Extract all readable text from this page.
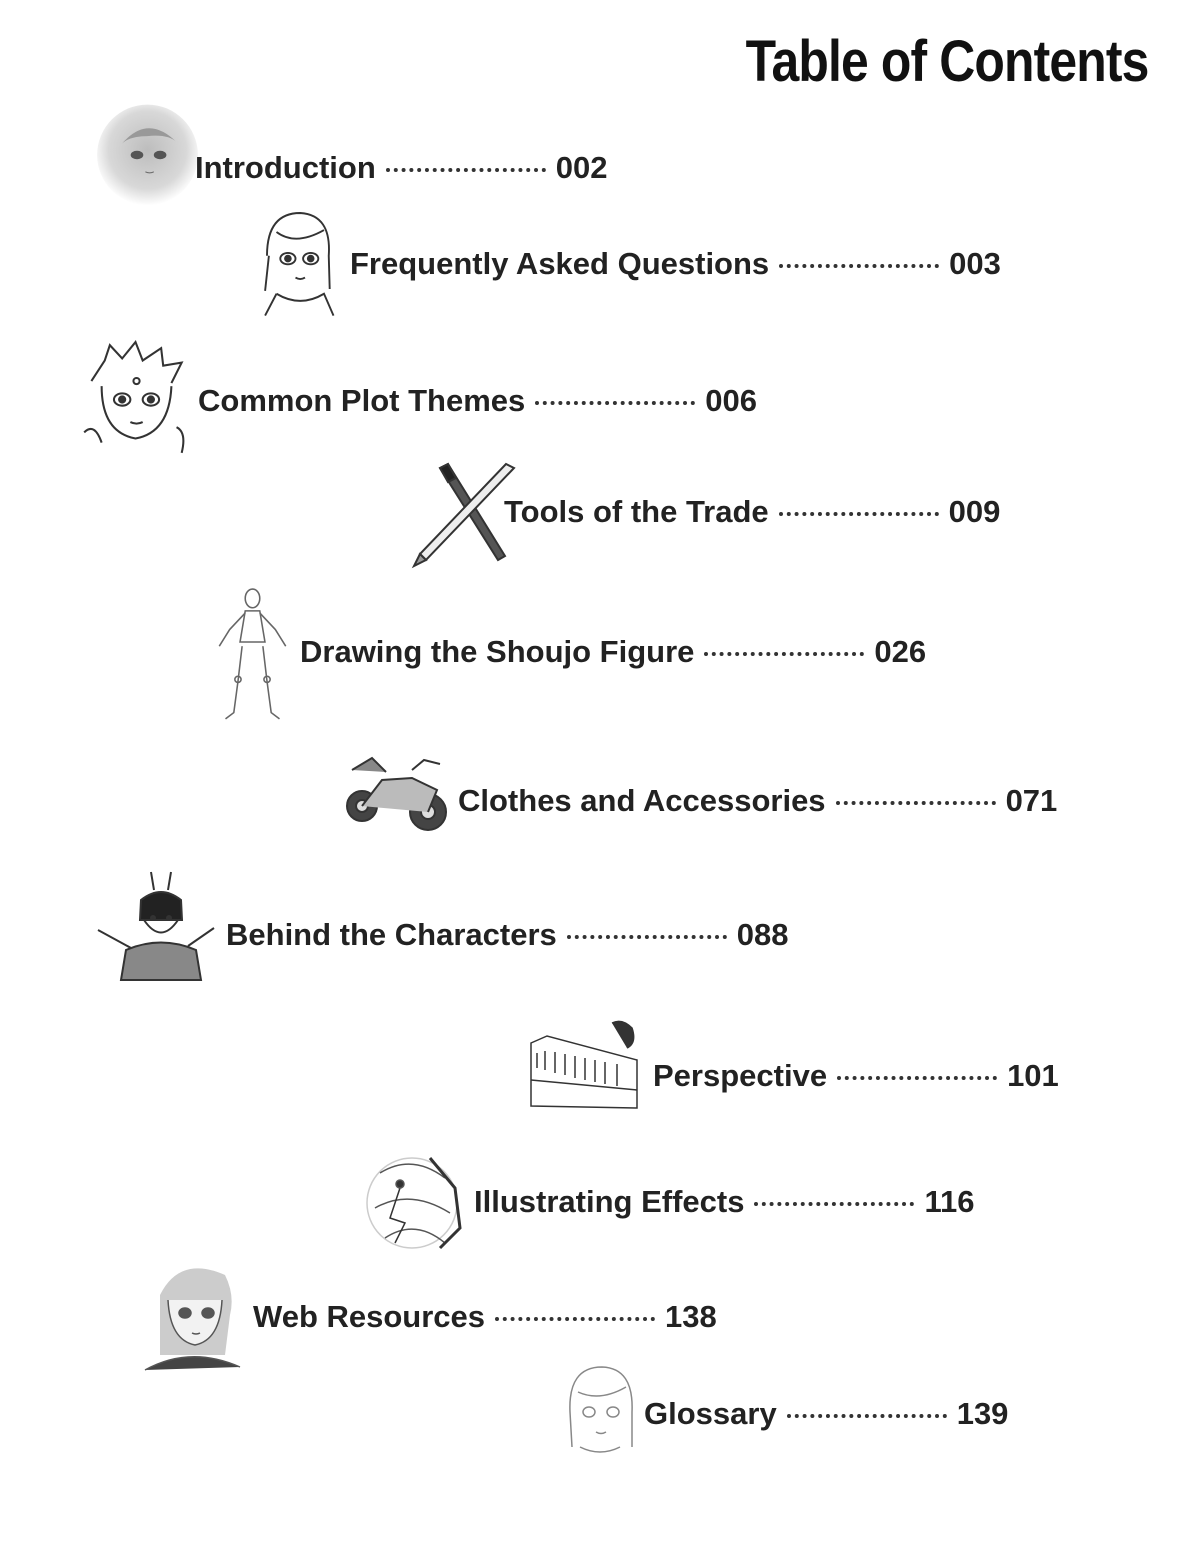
Table of Contents
Introduction	002
Frequently Asked Questions	003
Common Plot Themes	006
Tools of the Trade	009
Drawing the Shoujo Figure	026
Clothes and Accessories	071
Behind the Characters	088
Perspective	101
Illustrating Effects	116
Web Resources	138
Glossary	139
